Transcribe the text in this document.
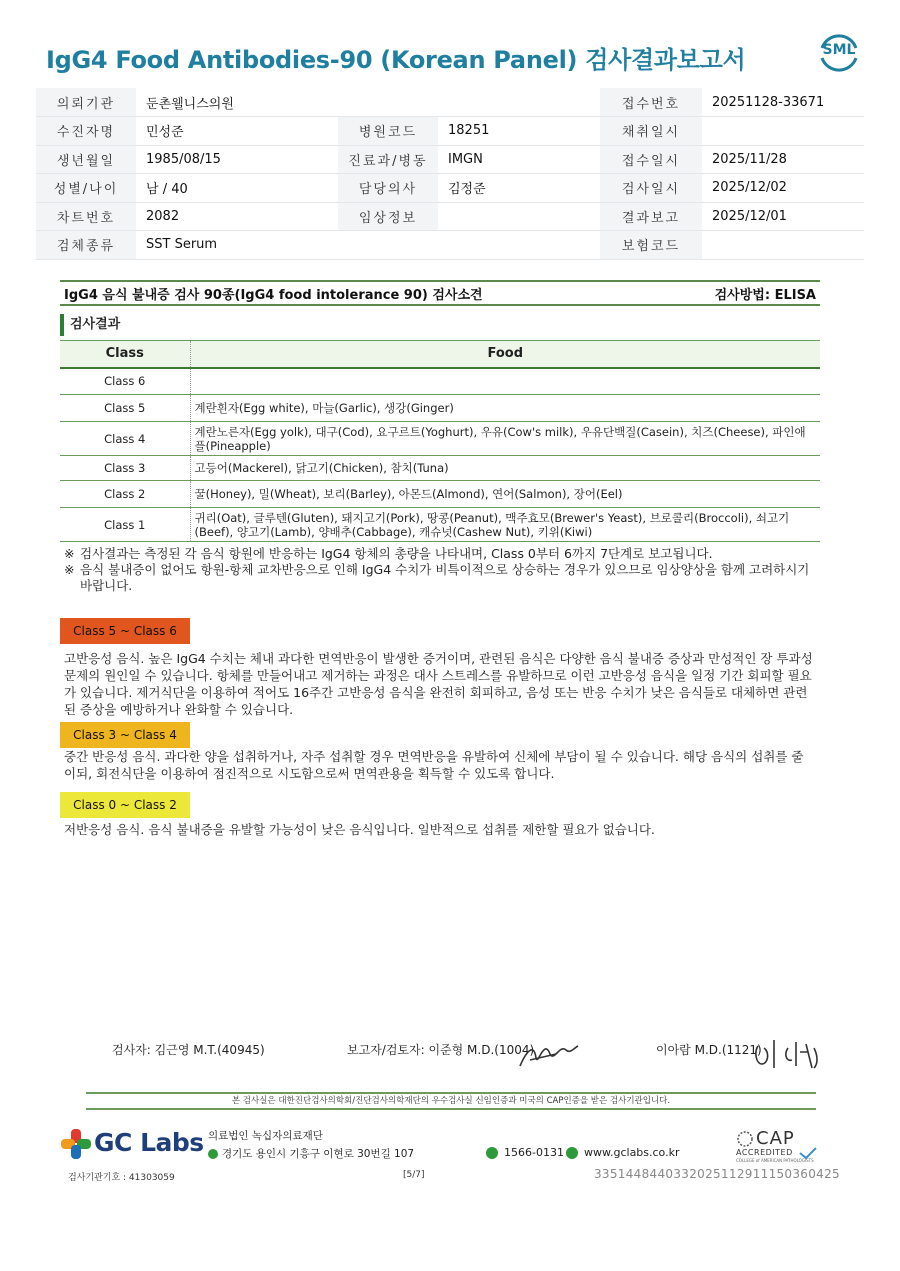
IgG4 Food Antibodies-90 (Korean Panel) 검사결과보고서	SML
의뢰기관	둔촌웰니스의원			접수번호	20251128-33671
수진자명	민성준	병원코드	18251	채취일시	
생년월일	1985/08/15	진료과/병동	IMGN	접수일시	2025/11/28
성별/나이	남 / 40	담당의사	김정준	검사일시	2025/12/02
차트번호	2082	임상정보		결과보고	2025/12/01
검체종류	SST Serum			보험코드	
IgG4 음식 불내증 검사 90종(IgG4 food intolerance 90) 검사소견	검사방법: ELISA
검사결과
Class	Food
Class 6	
Class 5	계란흰자(Egg white), 마늘(Garlic), 생강(Ginger)
Class 4	계란노른자(Egg yolk), 대구(Cod), 요구르트(Yoghurt), 우유(Cow's milk), 우유단백질(Casein), 치즈(Cheese), 파인애플(Pineapple)
Class 3	고등어(Mackerel), 닭고기(Chicken), 참치(Tuna)
Class 2	꿀(Honey), 밀(Wheat), 보리(Barley), 아몬드(Almond), 연어(Salmon), 장어(Eel)
Class 1	귀리(Oat), 글루텐(Gluten), 돼지고기(Pork), 땅콩(Peanut), 맥주효모(Brewer's Yeast), 브로콜리(Broccoli), 쇠고기(Beef), 양고기(Lamb), 양배추(Cabbage), 캐슈넛(Cashew Nut), 키위(Kiwi)
※ 검사결과는 측정된 각 음식 항원에 반응하는 IgG4 항체의 총량을 나타내며, Class 0부터 6까지 7단계로 보고됩니다.
※ 음식 불내증이 없어도 항원-항체 교차반응으로 인해 IgG4 수치가 비특이적으로 상승하는 경우가 있으므로 임상양상을 함께 고려하시기 바랍니다.
Class 5 ~ Class 6
고반응성 음식. 높은 IgG4 수치는 체내 과다한 면역반응이 발생한 증거이며, 관련된 음식은 다양한 음식 불내증 증상과 만성적인 장 투과성 문제의 원인일 수 있습니다. 항체를 만들어내고 제거하는 과정은 대사 스트레스를 유발하므로 이런 고반응성 음식을 일정 기간 회피할 필요가 있습니다. 제거식단을 이용하여 적어도 16주간 고반응성 음식을 완전히 회피하고, 음성 또는 반응 수치가 낮은 음식들로 대체하면 관련된 증상을 예방하거나 완화할 수 있습니다.
Class 3 ~ Class 4
중간 반응성 음식. 과다한 양을 섭취하거나, 자주 섭취할 경우 면역반응을 유발하여 신체에 부담이 될 수 있습니다. 해당 음식의 섭취를 줄이되, 회전식단을 이용하여 점진적으로 시도함으로써 면역관용을 획득할 수 있도록 합니다.
Class 0 ~ Class 2
저반응성 음식. 음식 불내증을 유발할 가능성이 낮은 음식입니다. 일반적으로 섭취를 제한할 필요가 없습니다.
검사자: 김근영 M.T.(40945)	보고자/검토자: 이준형 M.D.(1004)	이아람 M.D.(1121)
본 검사실은 대한진단검사의학회/진단검사의학재단의 우수검사실 신임인증과 미국의 CAP인증을 받은 검사기관입니다.
GC Labs 의료법인 녹십자의료재단
경기도 용인시 기흥구 이현로 30번길 107	1566-0131 www.gclabs.co.kr
CAP
ACCREDITED
COLLEGE of AMERICAN PATHOLOGISTS
검사기관기호 : 41303059	[5/7]	3351448440332025112911150360425
